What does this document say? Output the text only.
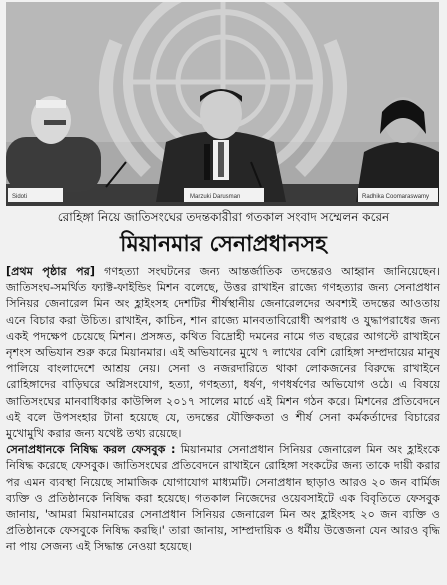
Sidoti	Marzuki Darusman	Radhika Coomaraswamy
রোহিঙ্গা নিয়ে জাতিসংঘের তদন্তকারীরা গতকাল সংবাদ সম্মেলন করেন
মিয়ানমার সেনাপ্রধানসহ

[প্রথম পৃষ্ঠার পর] গণহত্যা সংঘটনের জন্য আন্তর্জাতিক তদন্তেরও আহ্বান জানিয়েছেন। জাতিসংঘ-সমর্থিত ফ্যাক্ট-ফাইন্ডিং মিশন বলেছে, উত্তর রাখাইন রাজ্যে গণহত্যার জন্য সেনাপ্রধান সিনিয়র জেনারেল মিন অং হ্লাইংসহ দেশটির শীর্ষস্থানীয় জেনারেলদের অবশ্যই তদন্তের আওতায় এনে বিচার করা উচিত। রাখাইন, কাচিন, শান রাজ্যে মানবতাবিরোধী অপরাধ ও যুদ্ধাপরাধের জন্য একই পদক্ষেপ চেয়েছে মিশন। প্রসঙ্গত, কথিত বিদ্রোহী দমনের নামে গত বছরের আগস্টে রাখাইনে নৃশংস অভিযান শুরু করে মিয়ানমার। এই অভিযানের মুখে ৭ লাখের বেশি রোহিঙ্গা সম্প্রদায়ের মানুষ পালিয়ে বাংলাদেশে আশ্রয় নেয়। সেনা ও নজরদারিতে থাকা লোকজনের বিরুদ্ধে রাখাইনে রোহিঙ্গাদের বাড়িঘরে অগ্নিসংযোগ, হত্যা, গণহত্যা, ধর্ষণ, গণধর্ষণের অভিযোগ ওঠে। এ বিষয়ে জাতিসংঘের মানবাধিকার কাউন্সিল ২০১৭ সালের মার্চে এই মিশন গঠন করে। মিশনের প্রতিবেদনে এই বলে উপসংহার টানা হয়েছে যে, তদন্তের যৌক্তিকতা ও শীর্ষ সেনা কর্মকর্তাদের বিচারের মুখোমুখি করার জন্য যথেষ্ট তথ্য রয়েছে।

সেনাপ্রধানকে নিষিদ্ধ করল ফেসবুক : মিয়ানমার সেনাপ্রধান সিনিয়র জেনারেল মিন অং হ্লাইংকে নিষিদ্ধ করেছে ফেসবুক। জাতিসংঘের প্রতিবেদনে রাখাইনে রোহিঙ্গা সংকটের জন্য তাকে দায়ী করার পর এমন ব্যবস্থা নিয়েছে সামাজিক যোগাযোগ মাধ্যমটি। সেনাপ্রধান ছাড়াও আরও ২০ জন বার্মিজ ব্যক্তি ও প্রতিষ্ঠানকে নিষিদ্ধ করা হয়েছে। গতকাল নিজেদের ওয়েবসাইটে এক বিবৃতিতে ফেসবুক জানায়, 'আমরা মিয়ানমারের সেনাপ্রধান সিনিয়র জেনারেল মিন অং হ্লাইংসহ ২০ জন ব্যক্তি ও প্রতিষ্ঠানকে ফেসবুকে নিষিদ্ধ করছি।' তারা জানায়, সাম্প্রদায়িক ও ধর্মীয় উত্তেজনা যেন আরও বৃদ্ধি না পায় সেজন্য এই সিদ্ধান্ত নেওয়া হয়েছে।
